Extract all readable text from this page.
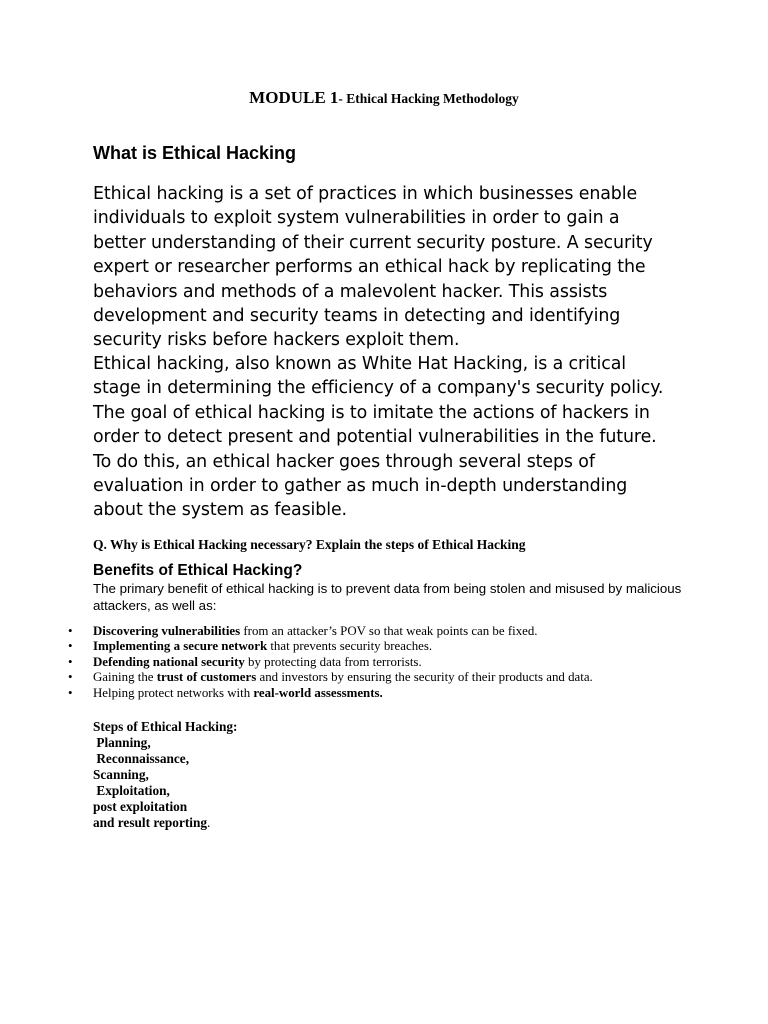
MODULE 1- Ethical Hacking Methodology
What is Ethical Hacking

Ethical hacking is a set of practices in which businesses enable individuals to exploit system vulnerabilities in order to gain a better understanding of their current security posture. A security expert or researcher performs an ethical hack by replicating the behaviors and methods of a malevolent hacker. This assists development and security teams in detecting and identifying security risks before hackers exploit them.

Ethical hacking, also known as White Hat Hacking, is a critical stage in determining the efficiency of a company's security policy. The goal of ethical hacking is to imitate the actions of hackers in order to detect present and potential vulnerabilities in the future. To do this, an ethical hacker goes through several steps of evaluation in order to gather as much in-depth understanding about the system as feasible.

Q. Why is Ethical Hacking necessary? Explain the steps of Ethical Hacking

Benefits of Ethical Hacking?

The primary benefit of ethical hacking is to prevent data from being stolen and misused by malicious attackers, as well as:

• Discovering vulnerabilities from an attacker’s POV so that weak points can be fixed.
• Implementing a secure network that prevents security breaches.
• Defending national security by protecting data from terrorists.
• Gaining the trust of customers and investors by ensuring the security of their products and data.
• Helping protect networks with real-world assessments.
Steps of Ethical Hacking:
Planning,
Reconnaissance,
Scanning,
Exploitation,
post exploitation
and result reporting.
